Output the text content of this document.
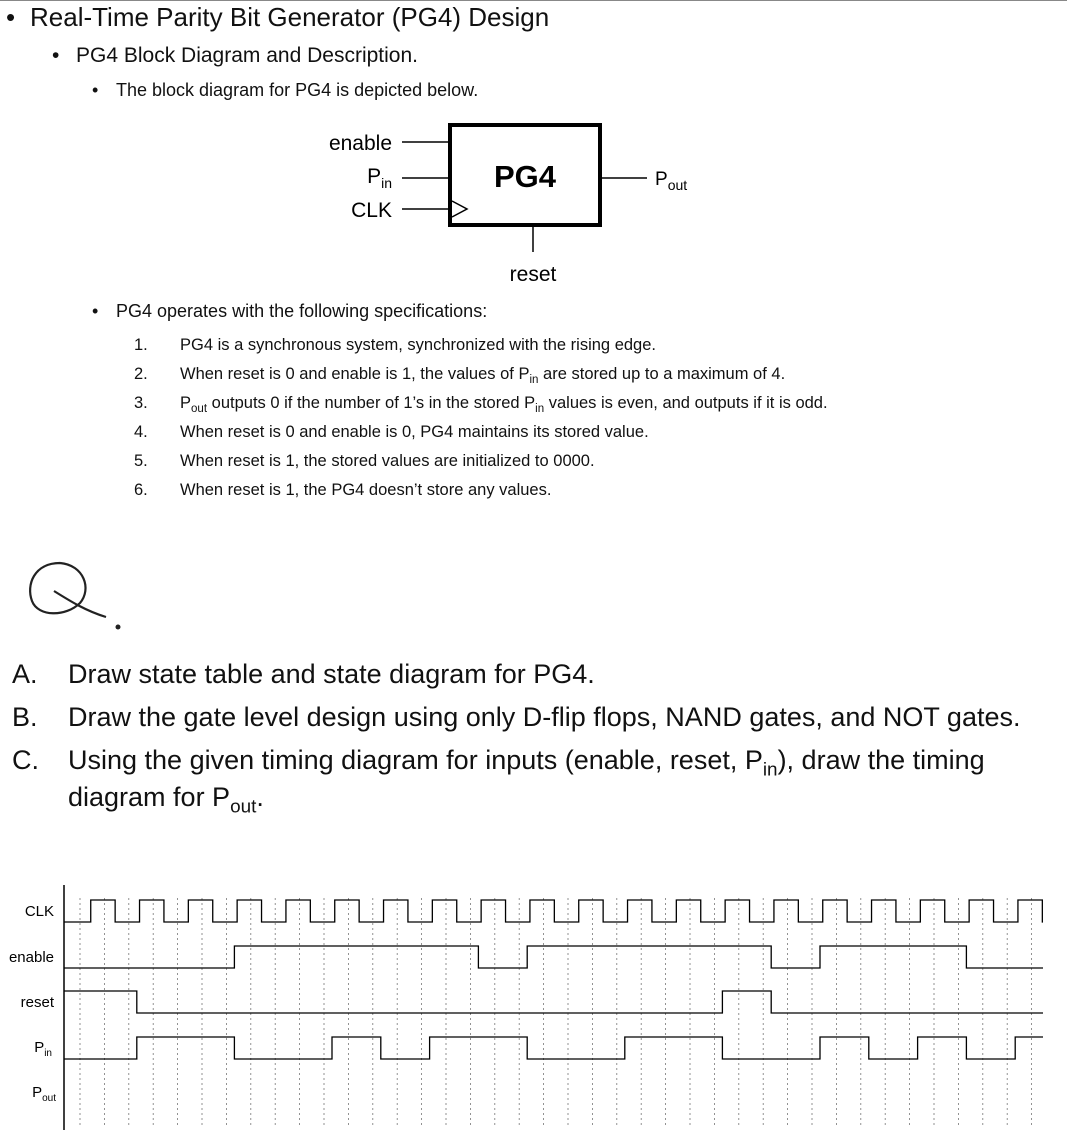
• Real-Time Parity Bit Generator (PG4) Design
• PG4 Block Diagram and Description.
• The block diagram for PG4 is depicted below.
PG4
enable
$P_{in}$
CLK
$P_{out}$
reset
• PG4 operates with the following specifications:
1. PG4 is a synchronous system, synchronized with the rising edge.
2. When reset is 0 and enable is 1, the values of $P_{in}$ are stored up to a maximum of 4.
3. $P_{out}$ outputs 0 if the number of 1’s in the stored $P_{in}$ values is even, and outputs if it is odd.
4. When reset is 0 and enable is 0, PG4 maintains its stored value.
5. When reset is 1, the stored values are initialized to 0000.
6. When reset is 1, the PG4 doesn’t store any values.
A. Draw state table and state diagram for PG4.
B. Draw the gate level design using only D-flip flops, NAND gates, and NOT gates.
C. Using the given timing diagram for inputs (enable, reset, $P_{in}$), draw the timing diagram for $P_{out}$.
CLK
enable
reset
$P_{in}$
$P_{out}$
